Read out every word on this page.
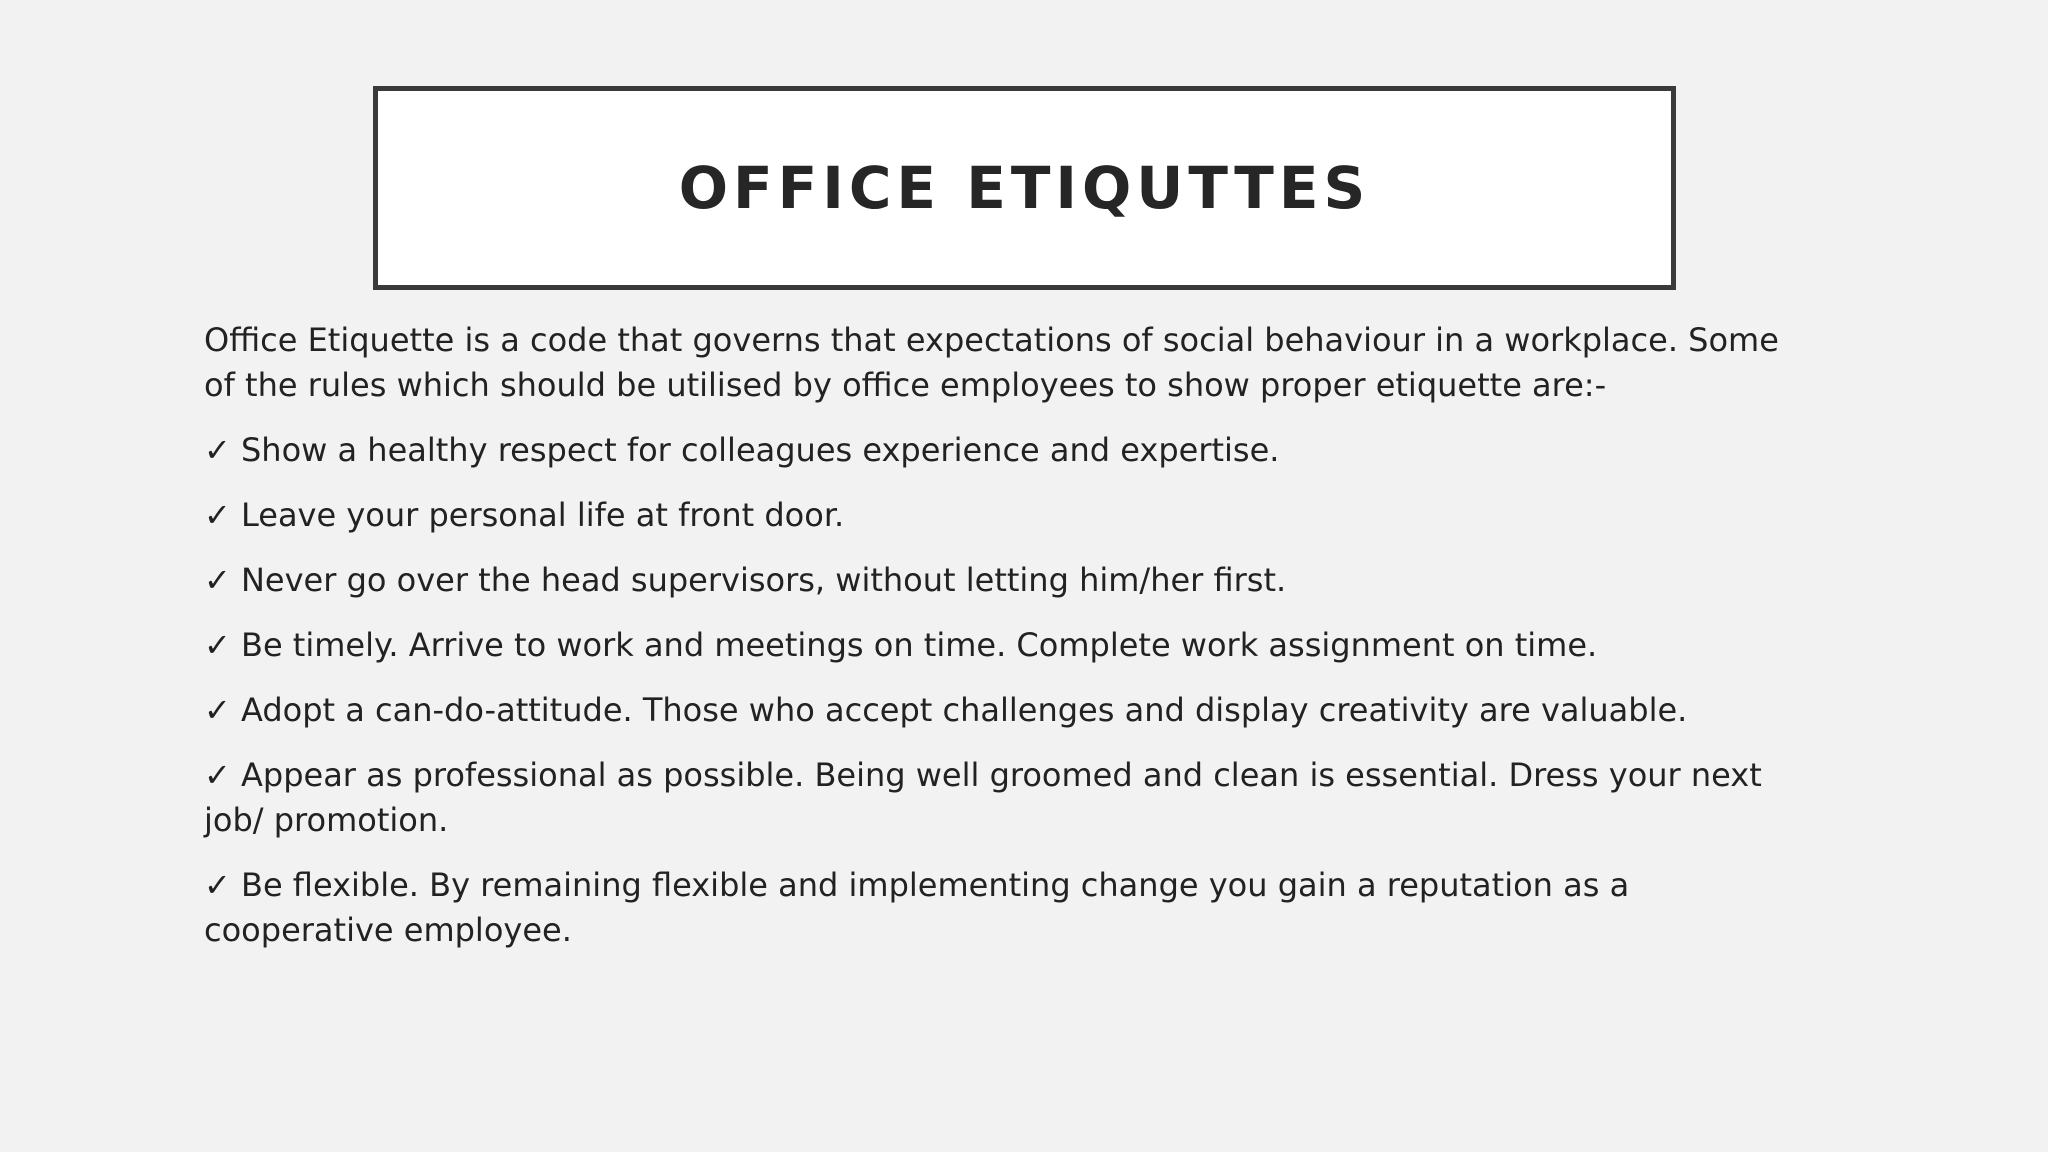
OFFICE ETIQUTTES

Office Etiquette is a code that governs that expectations of social behaviour in a workplace. Some of the rules which should be utilised by office employees to show proper etiquette are:-

✓ Show a healthy respect for colleagues experience and expertise.

✓ Leave your personal life at front door.

✓ Never go over the head supervisors, without letting him/her first.

✓ Be timely. Arrive to work and meetings on time. Complete work assignment on time.

✓ Adopt a can-do-attitude. Those who accept challenges and display creativity are valuable.

✓ Appear as professional as possible. Being well groomed and clean is essential. Dress your next job/ promotion.

✓ Be flexible. By remaining flexible and implementing change you gain a reputation as a cooperative employee.
